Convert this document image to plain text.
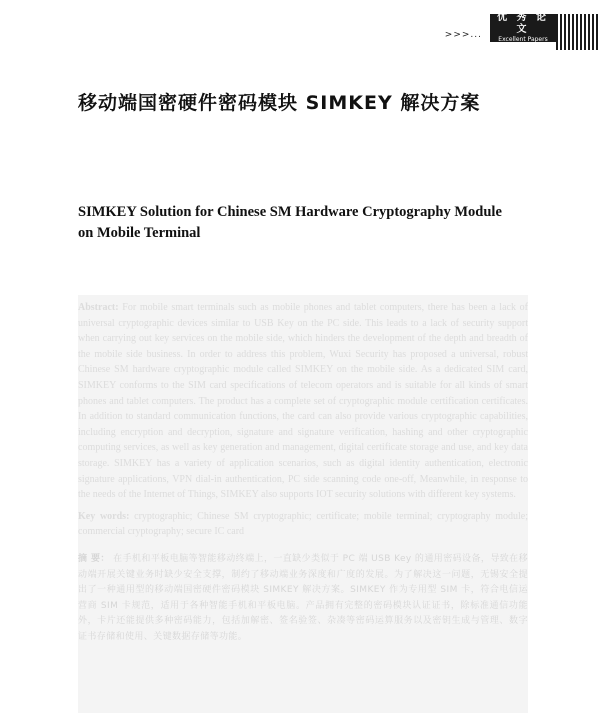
>>>...
优 秀 论 文
Excellent Papers
移动端国密硬件密码模块 SIMKEY 解决方案
SIMKEY Solution for Chinese SM Hardware Cryptography Module on Mobile Terminal

Abstract: For mobile smart terminals such as mobile phones and tablet computers, there has been a lack of universal cryptographic devices similar to USB Key on the PC side. This leads to a lack of security support when carrying out key services on the mobile side, which hinders the development of the depth and breadth of the mobile side business. In order to address this problem, Wuxi Security has proposed a universal, robust Chinese SM hardware cryptographic module called SIMKEY on the mobile side. As a dedicated SIM card, SIMKEY conforms to the SIM card specifications of telecom operators and is suitable for all kinds of smart phones and tablet computers. The product has a complete set of cryptographic module certification certificates. In addition to standard communication functions, the card can also provide various cryptographic capabilities, including encryption and decryption, signature and signature verification, hashing and other cryptographic computing services, as well as key generation and management, digital certificate storage and use, and key data storage. SIMKEY has a variety of application scenarios, such as digital identity authentication, electronic signature applications, VPN dial-in authentication, PC side scanning code one-off, Meanwhile, in response to the needs of the Internet of Things, SIMKEY also supports IOT security solutions with different key systems.

Key words: cryptographic; Chinese SM cryptographic; certificate; mobile terminal; cryptography module; commercial cryptography; secure IC card

摘 要： 在手机和平板电脑等智能移动终端上，一直缺少类似于 PC 端 USB Key 的通用密码设备，导致在移动端开展关键业务时缺少安全支撑，制约了移动端业务深度和广度的发展。为了解决这一问题，无锡安全提出了一种通用型的移动端国密硬件密码模块 SIMKEY 解决方案。SIMKEY 作为专用型 SIM 卡，符合电信运营商 SIM 卡规范，适用于各种智能手机和平板电脑。产品拥有完整的密码模块认证证书，除标准通信功能外，卡片还能提供多种密码能力，包括加解密、签名验签、杂凑等密码运算服务以及密钥生成与管理、数字证书存储和使用、关键数据存储等功能。
